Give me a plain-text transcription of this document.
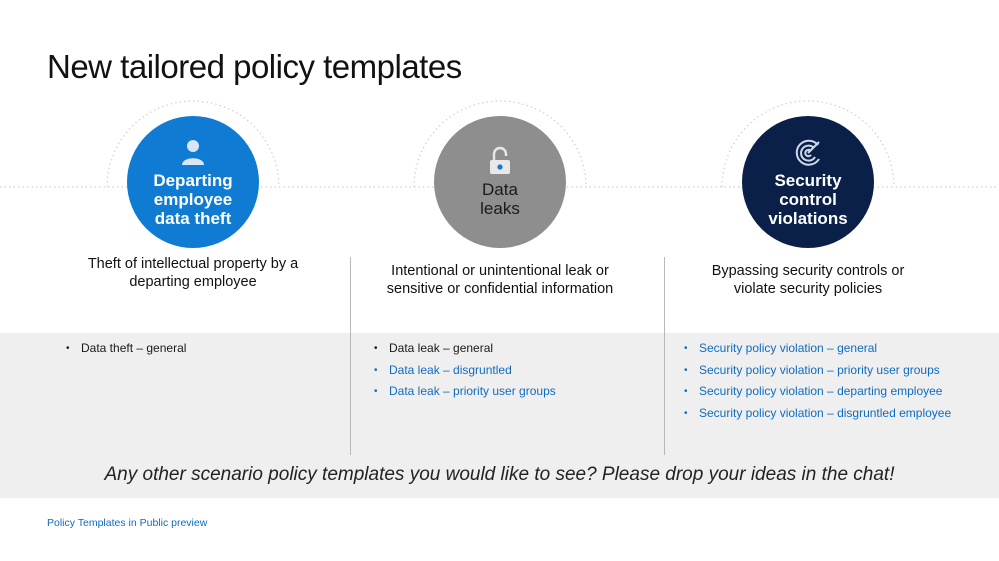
New tailored policy templates
Departing
employee
data theft
Data
leaks
Security
control
violations
Theft of intellectual property by a departing employee
Intentional or unintentional leak or sensitive or confidential information
Bypassing security controls or violate security policies
• Data theft – general
•	Data leak – general
• Data leak – disgruntled
• Data leak – priority user groups
• Security policy violation – general
• Security policy violation – priority user groups
• Security policy violation – departing employee
• Security policy violation – disgruntled employee
Any other scenario policy templates you would like to see? Please drop your ideas in the chat!
Policy Templates in Public preview
